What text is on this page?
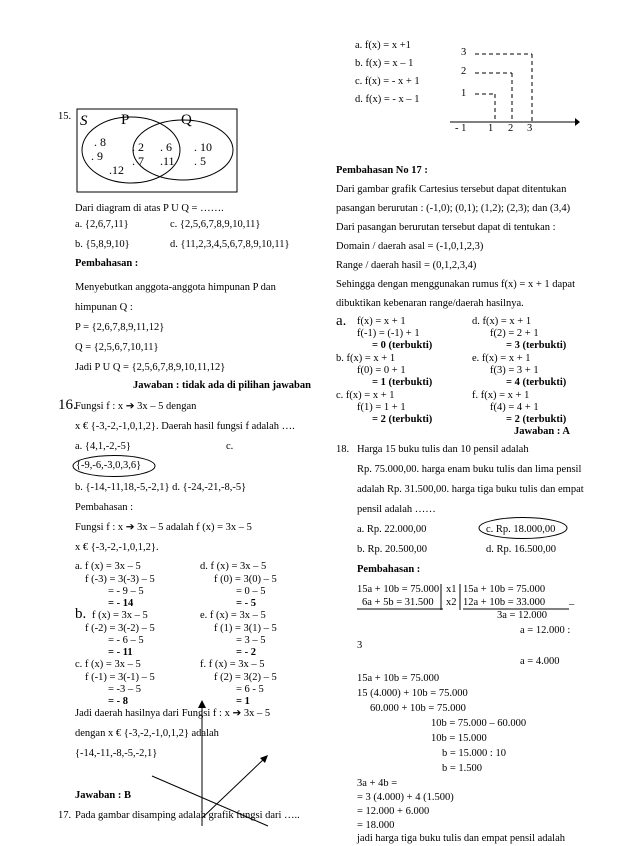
15. S P	Q
. 8
. 9
.12
. 2 . 6
. 7 .11
. 10
. 5
Dari diagram di atas P U Q = …….
a. {2,6,7,11}	c. {2,5,6,7,8,9,10,11}
b. {5,8,9,10}	d. {11,2,3,4,5,6,7,8,9,10,11}
Pembahasan :
Menyebutkan anggota-anggota himpunan P dan
himpunan Q :
P = {2,6,7,8,9,11,12}
Q = {2,5,6,7,10,11}
Jadi P U Q = {2,5,6,7,8,9,10,11,12}
Jawaban : tidak ada di pilihan jawaban
16.
Fungsi f : x ➔ 3x – 5 dengan
x € {-3,-2,-1,0,1,2}. Daerah hasil fungsi f adalah ….
a. {4,1,-2,-5}	c.
{-9,-6,-3,0,3,6}
b. {-14,-11,18,-5,-2,1} d. {-24,-21,-8,-5}
Pembahasan :
Fungsi f : x ➔ 3x – 5 adalah f (x) = 3x – 5
x € {-3,-2,-1,0,1,2}.
a. f (x) = 3x – 5
f (-3) = 3(-3) – 5
= - 9 – 5
= - 14
d. f (x) = 3x – 5
f (0) = 3(0) – 5
= 0 – 5
= - 5
b. f (x) = 3x – 5
f (-2) = 3(-2) – 5
= - 6 – 5
= - 11
e. f (x) = 3x – 5
f (1) = 3(1) – 5
= 3 – 5
= - 2
c. f (x) = 3x – 5
f (-1) = 3(-1) – 5
= -3 – 5
= - 8
f. f (x) = 3x – 5
f (2) = 3(2) – 5
= 6 - 5
= 1
Jadi daerah hasilnya dari Fungsi f : x ➔ 3x – 5
dengan x € {-3,-2,-1,0,1,2} adalah
{-14,-11,-8,-5,-2,1}
Jawaban : B
17. Pada gambar disamping adalah grafik fungsi dari …..
a. f(x) = x +1
b. f(x) = x – 1
c. f(x) = - x + 1
d. f(x) = - x – 1
3
2
1
- 1 1 2 3
Pembahasan No 17 :
Dari gambar grafik Cartesius tersebut dapat ditentukan
pasangan berurutan : (-1,0); (0,1); (1,2); (2,3); dan (3,4)
Dari pasangan berurutan tersebut dapat di tentukan :
Domain / daerah asal = (-1,0,1,2,3)
Range / daerah hasil = (0,1,2,3,4)
Sehingga dengan menggunakan rumus f(x) = x + 1 dapat
dibuktikan kebenaran range/daerah hasilnya.
a. f(x) = x + 1
f(-1) = (-1) + 1
= 0 (terbukti)
d. f(x) = x + 1
f(2) = 2 + 1
= 3 (terbukti)
b. f(x) = x + 1
f(0) = 0 + 1
= 1 (terbukti)
e. f(x) = x + 1
f(3) = 3 + 1
= 4 (terbukti)
c. f(x) = x + 1
f(1) = 1 + 1
= 2 (terbukti)
f. f(x) = x + 1
f(4) = 4 + 1
= 2 (terbukti)
Jawaban : A
18. Harga 15 buku tulis dan 10 pensil adalah
Rp. 75.000,00. harga enam buku tulis dan lima pensil
adalah Rp. 31.500,00. harga tiga buku tulis dan empat
pensil adalah ……
a. Rp. 22.000,00	c. Rp. 18.000,00
b. Rp. 20.500,00	d. Rp. 16.500,00
Pembahasan :
15a + 10b = 75.000 x1 15a + 10b = 75.000
6a + 5b = 31.500 x2 12a + 10b = 33.000 _
3a = 12.000
a = 12.000 :
3
a = 4.000
15a + 10b = 75.000
15 (4.000) + 10b = 75.000
60.000 + 10b = 75.000
10b = 75.000 – 60.000
10b = 15.000
b = 15.000 : 10
b = 1.500
3a + 4b =
= 3 (4.000) + 4 (1.500)
= 12.000 + 6.000
= 18.000
jadi harga tiga buku tulis dan empat pensil adalah
